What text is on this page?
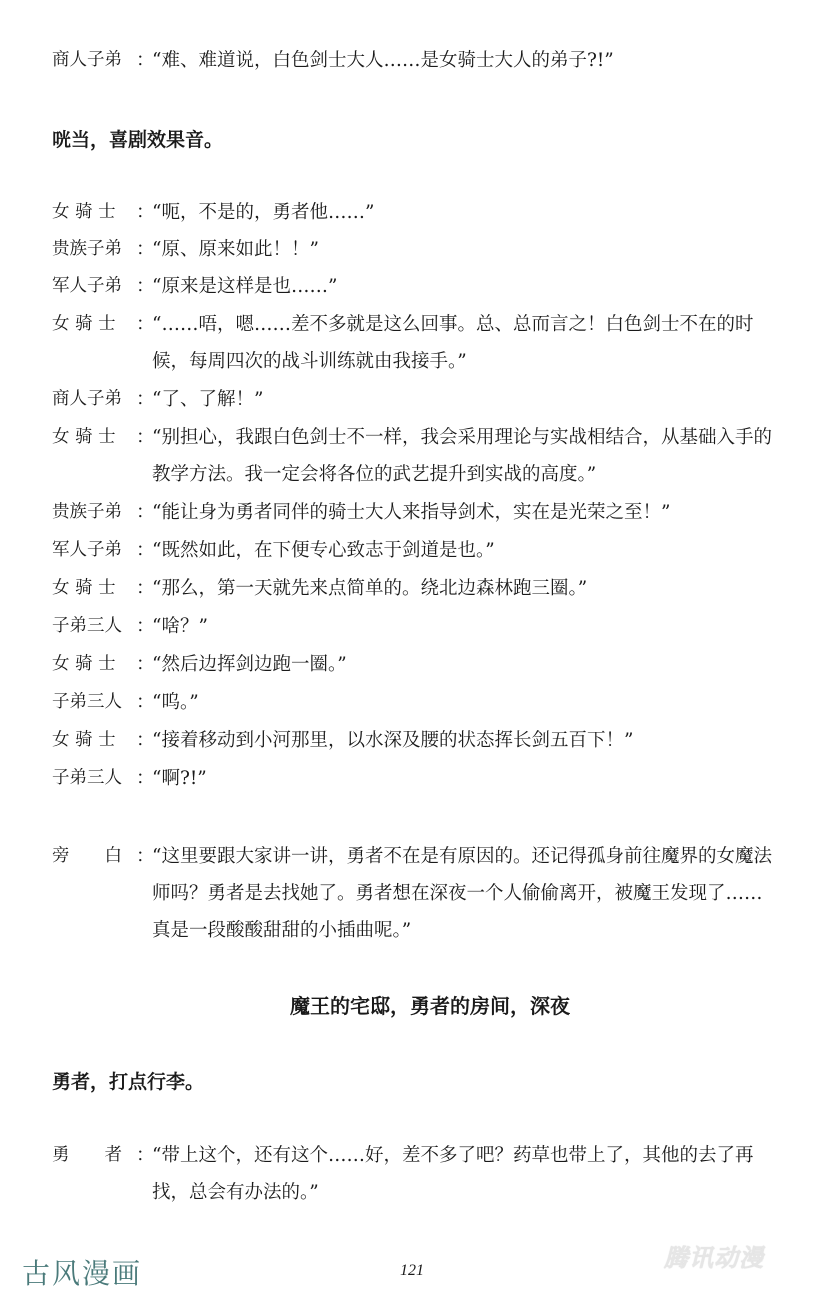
商人子弟 ：
“难、难道说，白色剑士大人……是女骑士大人的弟子?!”
咣当，喜剧效果音。
女 骑 士	：
“呃，不是的，勇者他……”
贵族子弟 ：
“原、原来如此！！”
军人子弟 ：
“原来是这样是也……”
女 骑 士	：
“……唔，嗯……差不多就是这么回事。总、总而言之！白色剑士不在的时候，每周四次的战斗训练就由我接手。”
商人子弟 ：
“了、了解！”
女 骑 士	：
“别担心，我跟白色剑士不一样，我会采用理论与实战相结合，从基础入手的教学方法。我一定会将各位的武艺提升到实战的高度。”
贵族子弟 ：
“能让身为勇者同伴的骑士大人来指导剑术，实在是光荣之至！”
军人子弟 ：
“既然如此，在下便专心致志于剑道是也。”
女 骑 士	：
“那么，第一天就先来点简单的。绕北边森林跑三圈。”
子弟三人 ：
“啥？”
女 骑 士	：
“然后边挥剑边跑一圈。”
子弟三人 ：
“呜。”
女 骑 士	：
“接着移动到小河那里，以水深及腰的状态挥长剑五百下！”
子弟三人 ：
“啊?!”
旁　　白 ：
“这里要跟大家讲一讲，勇者不在是有原因的。还记得孤身前往魔界的女魔法师吗？勇者是去找她了。勇者想在深夜一个人偷偷离开，被魔王发现了……真是一段酸酸甜甜的小插曲呢。”
魔王的宅邸，勇者的房间，深夜
勇者，打点行李。
勇　　者 ：
“带上这个，还有这个……好，差不多了吧？药草也带上了，其他的去了再找，总会有办法的。”
古风漫画	121	腾讯动漫
